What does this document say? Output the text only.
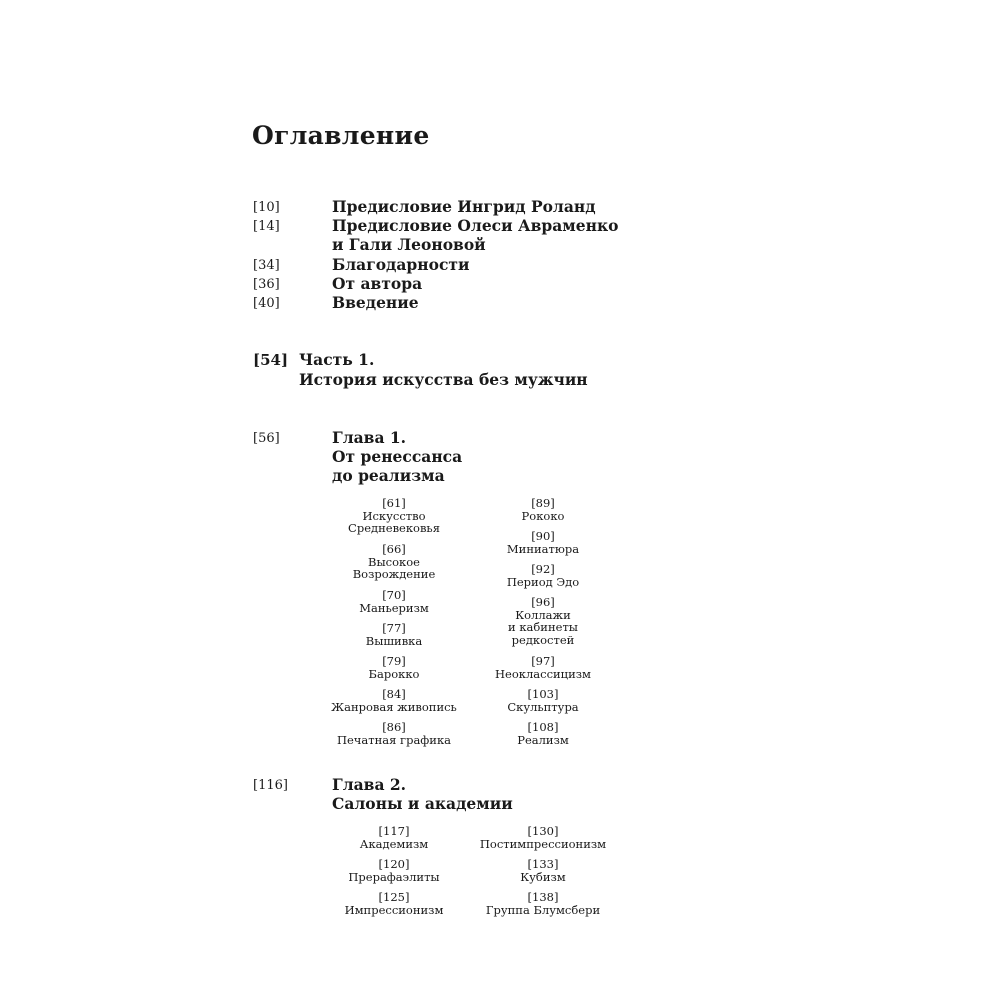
Оглавление
[10]	Предисловие Ингрид Роланд
[14]	Предисловие Олеси Авраменко
и Гали Леоновой
[34]	Благодарности
[36]	От автора
[40]	Введение
[54] Часть 1.
История искусства без мужчин
[56]	Глава 1.
От ренессанса
до реализма
[61]
Искусство
Средневековья
[66]
Высокое
Возрождение
[70]
Маньеризм
[77]
Вышивка
[79]
Барокко
[84]
Жанровая живопись
[86]
Печатная графика
[89]
Рококо
[90]
Миниатюра
[92]
Период Эдо
[96]
Коллажи
и кабинеты
редкостей
[97]
Неоклассицизм
[103]
Скульптура
[108]
Реализм
[116]	Глава 2.
Салоны и академии
[117]
Академизм
[120]
Прерафаэлиты
[125]
Импрессионизм
[130]
Постимпрессионизм
[133]
Кубизм
[138]
Группа Блумсбери
